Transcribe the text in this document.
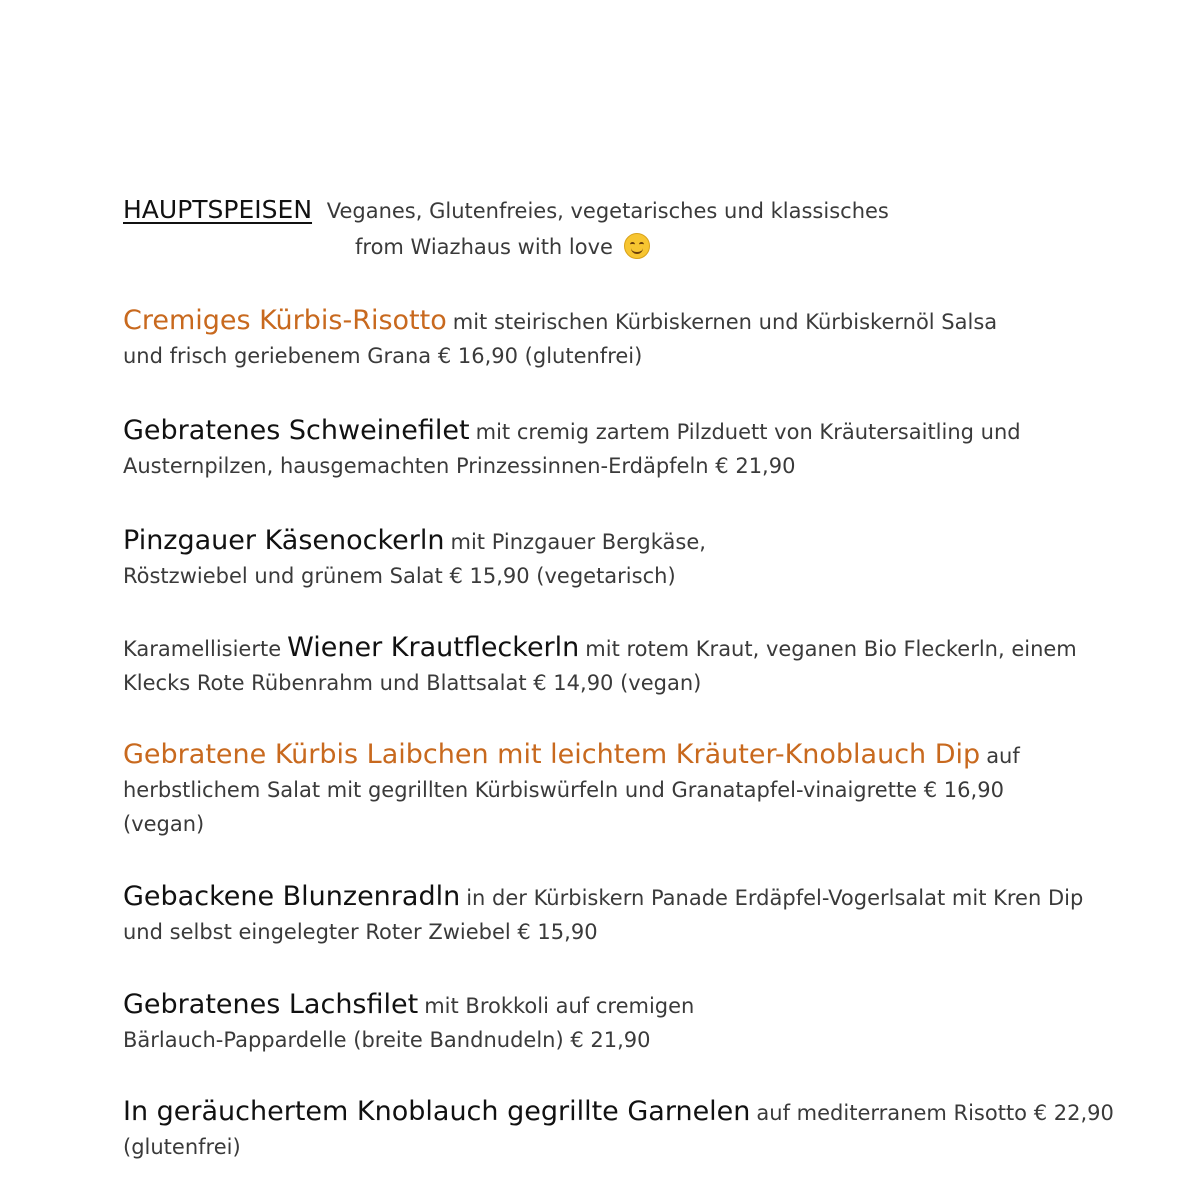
HAUPTSPEISEN Veganes, Glutenfreies, vegetarisches und klassisches
from Wiazhaus with love
Cremiges Kürbis-Risotto mit steirischen Kürbiskernen und Kürbiskernöl Salsa
und frisch geriebenem Grana € 16,90 (glutenfrei)
Gebratenes Schweinefilet mit cremig zartem Pilzduett von Kräutersaitling und
Austernpilzen, hausgemachten Prinzessinnen-Erdäpfeln € 21,90
Pinzgauer Käsenockerln mit Pinzgauer Bergkäse,
Röstzwiebel und grünem Salat € 15,90 (vegetarisch)
Karamellisierte Wiener Krautfleckerln mit rotem Kraut, veganen Bio Fleckerln, einem
Klecks Rote Rübenrahm und Blattsalat € 14,90 (vegan)
Gebratene Kürbis Laibchen mit leichtem Kräuter-Knoblauch Dip auf
herbstlichem Salat mit gegrillten Kürbiswürfeln und Granatapfel-vinaigrette € 16,90
(vegan)
Gebackene Blunzenradln in der Kürbiskern Panade Erdäpfel-Vogerlsalat mit Kren Dip
und selbst eingelegter Roter Zwiebel € 15,90
Gebratenes Lachsfilet mit Brokkoli auf cremigen
Bärlauch-Pappardelle (breite Bandnudeln) € 21,90
In geräuchertem Knoblauch gegrillte Garnelen auf mediterranem Risotto € 22,90
(glutenfrei)
